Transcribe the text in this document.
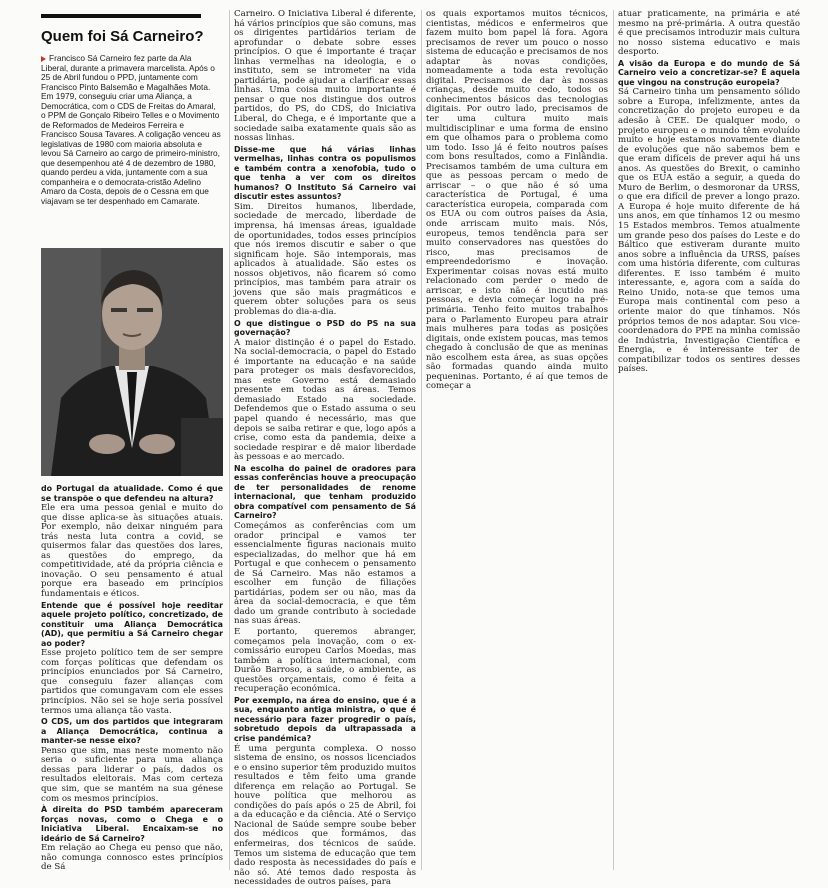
Quem foi Sá Carneiro?

Francisco Sá Carneiro fez parte da Ala Liberal, durante a primavera marcelista. Após o 25 de Abril fundou o PPD, juntamente com Francisco Pinto Balsemão e Magalhães Mota. Em 1979, conseguiu criar uma Aliança, a Democrática, com o CDS de Freitas do Amaral, o PPM de Gonçalo Ribeiro Telles e o Movimento de Reformados de Medeiros Ferreira e Francisco Sousa Tavares. A coligação venceu as legislativas de 1980 com maioria absoluta e levou Sá Carneiro ao cargo de primeiro-ministro, que desempenhou até 4 de dezembro de 1980, quando perdeu a vida, juntamente com a sua companheira e o democrata-cristão Adelino Amaro da Costa, depois de o Cessna em que viajavam se ter despenhado em Camarate.

do Portugal da atualidade. Como é que se transpõe o que defendeu na altura?

Ele era uma pessoa genial e muito do que disse aplica-se às situações atuais. Por exemplo, não deixar ninguém para trás nesta luta contra a covid, se quisermos falar das questões dos lares, as questões do emprego, da competitividade, até da própria ciência e inovação. O seu pensamento é atual porque era baseado em princípios fundamentais e éticos.

Entende que é possível hoje reeditar aquele projeto político, concretizado, de constituir uma Aliança Democrática (AD), que permitiu a Sá Carneiro chegar ao poder?

Esse projeto político tem de ser sempre com forças políticas que defendam os princípios enunciados por Sá Carneiro, que conseguiu fazer alianças com partidos que comungavam com ele esses princípios. Não sei se hoje seria possível termos uma aliança tão vasta.

O CDS, um dos partidos que integraram a Aliança Democrática, continua a manter-se nesse eixo?

Penso que sim, mas neste momento não seria o suficiente para uma aliança dessas para liderar o país, dados os resultados eleitorais. Mas com certeza que sim, que se mantém na sua génese com os mesmos princípios.

À direita do PSD também apareceram forças novas, como o Chega e o Iniciativa Liberal. Encaixam-se no ideário de Sá Carneiro?

Em relação ao Chega eu penso que não, não comunga connosco estes princípios de Sá

Carneiro. O Iniciativa Liberal é diferente, há vários princípios que são comuns, mas os dirigentes partidários teriam de aprofundar o debate sobre esses princípios. O que é importante é traçar linhas vermelhas na ideologia, e o instituto, sem se intrometer na vida partidária, pode ajudar a clarificar essas linhas. Uma coisa muito importante é pensar o que nos distingue dos outros partidos, do PS, do CDS, do Iniciativa Liberal, do Chega, e é importante que a sociedade saiba exatamente quais são as nossas linhas.

Disse-me que há várias linhas vermelhas, linhas contra os populismos e também contra a xenofobia, tudo o que tenha a ver com os direitos humanos? O Instituto Sá Carneiro vai discutir estes assuntos?

Sim. Direitos humanos, liberdade, sociedade de mercado, liberdade de imprensa, há imensas áreas, igualdade de oportunidades, todos esses princípios que nós iremos discutir e saber o que significam hoje. São intemporais, mas aplicados à atualidade. São estes os nossos objetivos, não ficarem só como princípios, mas também para atrair os jovens que são mais pragmáticos e querem obter soluções para os seus problemas do dia-a-dia.

O que distingue o PSD do PS na sua governação?

A maior distinção é o papel do Estado. Na social-democracia, o papel do Estado é importante na educação e na saúde para proteger os mais desfavorecidos, mas este Governo está demasiado presente em todas as áreas. Temos demasiado Estado na sociedade. Defendemos que o Estado assuma o seu papel quando é necessário, mas que depois se saiba retirar e que, logo após a crise, como esta da pandemia, deixe a sociedade respirar e dê maior liberdade às pessoas e ao mercado.

Na escolha do painel de oradores para essas conferências houve a preocupação de ter personalidades de renome internacional, que tenham produzido obra compatível com pensamento de Sá Carneiro?

Começámos as conferências com um orador principal e vamos ter essencialmente figuras nacionais muito especializadas, do melhor que há em Portugal e que conhecem o pensamento de Sá Carneiro. Mas não estamos a escolher em função de filiações partidárias, podem ser ou não, mas da área da social-democracia, e que têm dado um grande contributo à sociedade nas suas áreas.

E portanto, queremos abranger, começamos pela inovação, com o ex-comissário europeu Carlos Moedas, mas também a política internacional, com Durão Barroso, a saúde, o ambiente, as questões orçamentais, como é feita a recuperação económica.

Por exemplo, na área do ensino, que é a sua, enquanto antiga ministra, o que é necessário para fazer progredir o país, sobretudo depois da ultrapassada a crise pandémica?

É uma pergunta complexa. O nosso sistema de ensino, os nossos licenciados e o ensino superior têm produzido muitos resultados e têm feito uma grande diferença em relação ao Portugal. Se houve política que melhorou as condições do país após o 25 de Abril, foi a da educação e da ciência. Até o Serviço Nacional de Saúde sempre soube beber dos médicos que formámos, das enfermeiras, dos técnicos de saúde. Temos um sistema de educação que tem dado resposta às necessidades do país e não só. Até temos dado resposta às necessidades de outros países, para

os quais exportamos muitos técnicos, cientistas, médicos e enfermeiros que fazem muito bom papel lá fora. Agora precisamos de rever um pouco o nosso sistema de educação e precisamos de nos adaptar às novas condições, nomeadamente a toda esta revolução digital. Precisamos de dar às nossas crianças, desde muito cedo, todos os conhecimentos básicos das tecnologias digitais. Por outro lado, precisamos de ter uma cultura muito mais multidisciplinar e uma forma de ensino em que olhamos para o problema como um todo. Isso já é feito noutros países com bons resultados, como a Finlândia. Precisamos também de uma cultura em que as pessoas percam o medo de arriscar – o que não é só uma característica de Portugal, é uma característica europeia, comparada com os EUA ou com outros países da Ásia, onde arriscam muito mais. Nós, europeus, temos tendência para ser muito conservadores nas questões do risco, mas precisamos de empreendedorismo e inovação. Experimentar coisas novas está muito relacionado com perder o medo de arriscar, e isto não é incutido nas pessoas, e devia começar logo na pré-primária. Tenho feito muitos trabalhos para o Parlamento Europeu para atrair mais mulheres para todas as posições digitais, onde existem poucas, mas temos chegado à conclusão de que as meninas não escolhem esta área, as suas opções são formadas quando ainda muito pequeninas. Portanto, é aí que temos de começar a

atuar praticamente, na primária e até mesmo na pré-primária. A outra questão é que precisamos introduzir mais cultura no nosso sistema educativo e mais desporto.

A visão da Europa e do mundo de Sá Carneiro veio a concretizar-se? É aquela que vingou na construção europeia?

Sá Carneiro tinha um pensamento sólido sobre a Europa, infelizmente, antes da concretização do projeto europeu e da adesão à CEE. De qualquer modo, o projeto europeu e o mundo têm evoluído muito e hoje estamos novamente diante de evoluções que não sabemos bem e que eram difíceis de prever aqui há uns anos. As questões do Brexit, o caminho que os EUA estão a seguir, a queda do Muro de Berlim, o desmoronar da URSS, o que era difícil de prever a longo prazo. A Europa é hoje muito diferente de há uns anos, em que tínhamos 12 ou mesmo 15 Estados membros. Temos atualmente um grande peso dos países do Leste e do Báltico que estiveram durante muito anos sobre a influência da URSS, países com uma história diferente, com culturas diferentes. E isso também é muito interessante, e, agora com a saída do Reino Unido, nota-se que temos uma Europa mais continental com peso a oriente maior do que tínhamos. Nós próprios temos de nos adaptar. Sou vice-coordenadora do PPE na minha comissão de Indústria, Investigação Científica e Energia, e é interessante ter de compatibilizar todos os sentires desses países.
